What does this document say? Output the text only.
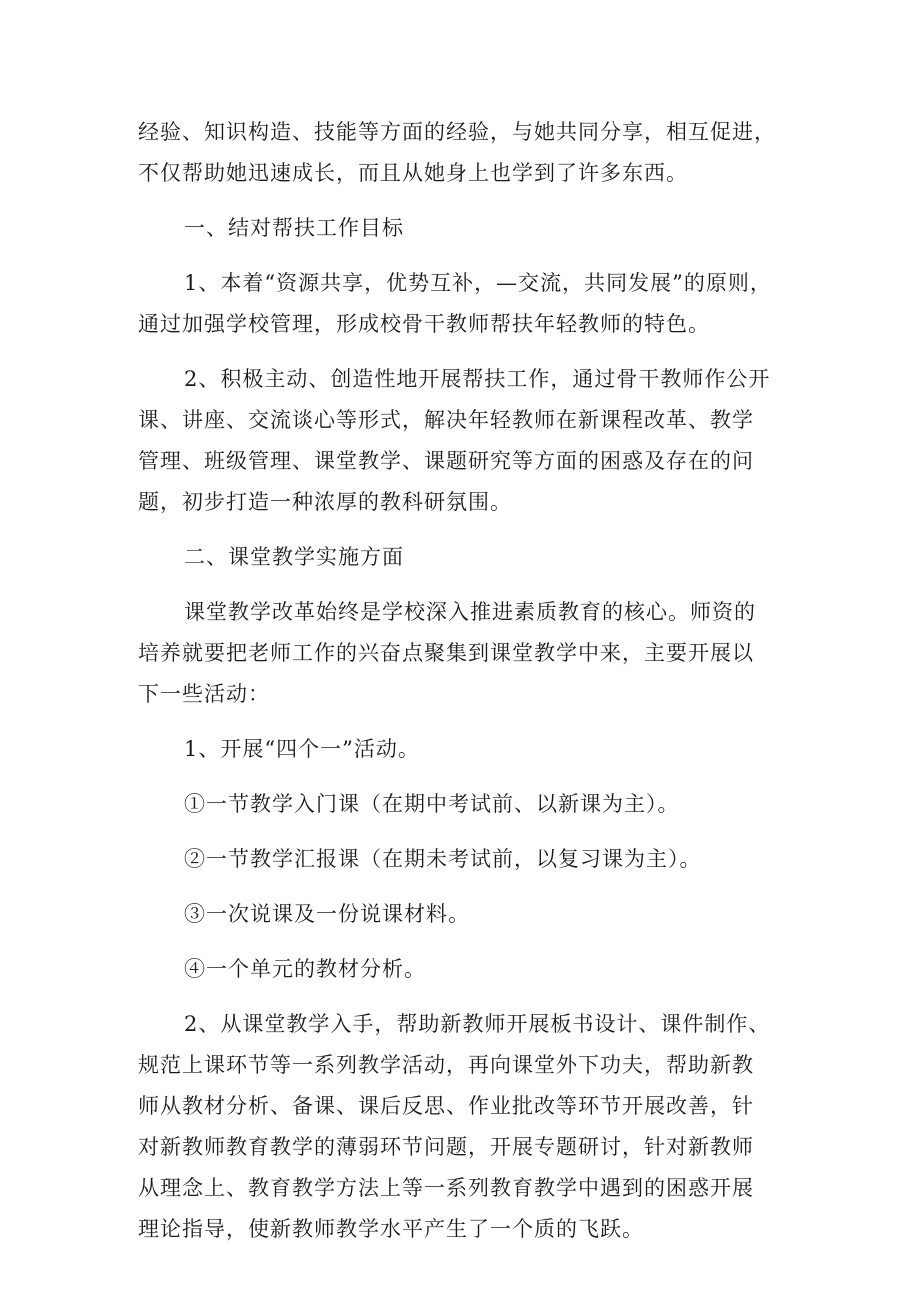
经验、知识构造、技能等方面的经验，与她共同分享，相互促进，
不仅帮助她迅速成长，而且从她身上也学到了许多东西。

一、结对帮扶工作目标

1、本着“资源共享，优势互补，—交流，共同发展”的原则，
通过加强学校管理，形成校骨干教师帮扶年轻教师的特色。

2、积极主动、创造性地开展帮扶工作，通过骨干教师作公开
课、讲座、交流谈心等形式，解决年轻教师在新课程改革、教学
管理、班级管理、课堂教学、课题研究等方面的困惑及存在的问
题，初步打造一种浓厚的教科研氛围。

二、课堂教学实施方面

课堂教学改革始终是学校深入推进素质教育的核心。师资的
培养就要把老师工作的兴奋点聚集到课堂教学中来，主要开展以
下一些活动：

1、开展“四个一”活动。

①一节教学入门课（在期中考试前、以新课为主）。

②一节教学汇报课（在期未考试前，以复习课为主）。

③一次说课及一份说课材料。

④一个单元的教材分析。

2、从课堂教学入手，帮助新教师开展板书设计、课件制作、
规范上课环节等一系列教学活动，再向课堂外下功夫，帮助新教
师从教材分析、备课、课后反思、作业批改等环节开展改善，针
对新教师教育教学的薄弱环节问题，开展专题研讨，针对新教师
从理念上、教育教学方法上等一系列教育教学中遇到的困惑开展
理论指导，使新教师教学水平产生了一个质的飞跃。
